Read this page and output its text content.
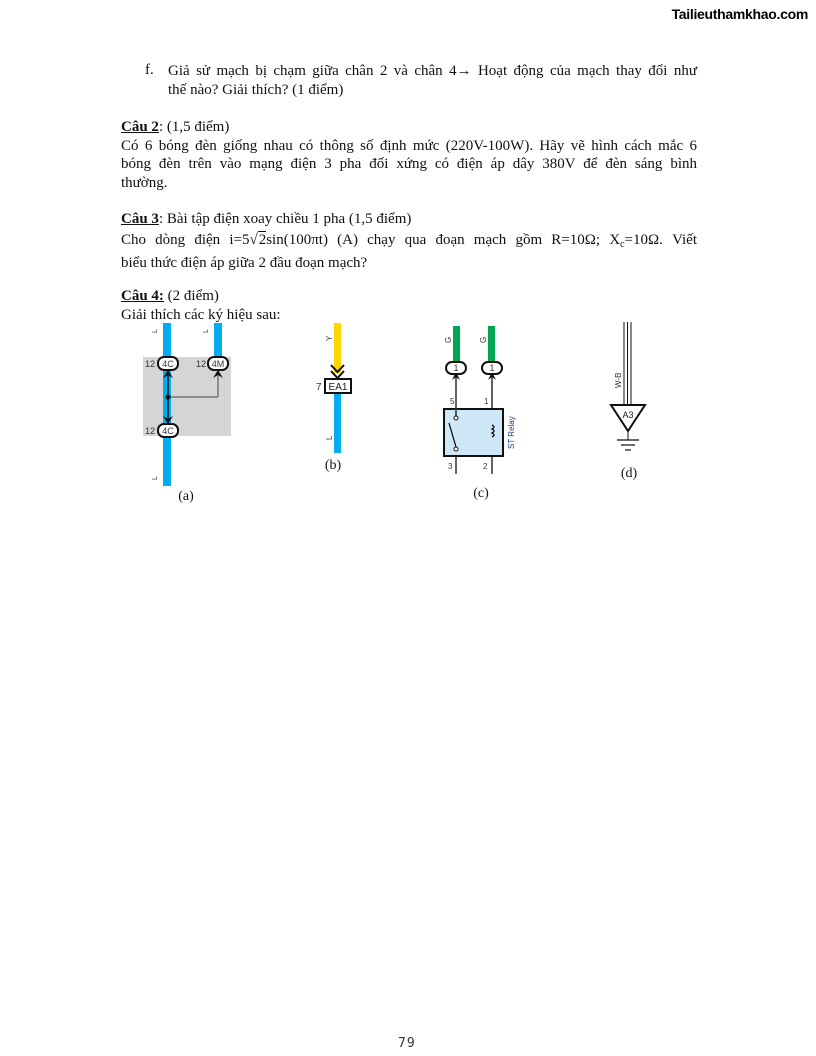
Tailieuthamkhao.com
f. Giả sử mạch bị chạm giữa chân 2 và chân 4→ Hoạt động của mạch thay đổi như
thế nào? Giải thích? (1 điểm)
Câu 2: (1,5 điểm)
Có 6 bóng đèn giống nhau có thông số định mức (220V-100W). Hãy vẽ hình cách mắc 6
bóng đèn trên vào mạng điện 3 pha đối xứng có điện áp dây 380V để đèn sáng bình
thường.
Câu 3: Bài tập điện xoay chiều 1 pha (1,5 điểm)
Cho dòng điện i=5√2sin(100πt) (A) chạy qua đoạn mạch gồm R=10Ω; $X_c=10\Omega$. Viết
biểu thức điện áp giữa 2 đầu đoạn mạch?
Câu 4: (2 điểm)
Giải thích các ký hiệu sau:
4C	4M
4C
12	12
12
L	L
L
(a)
EA1
7
Y
L
(b)
1	1
5	1
3	2
ST Relay
G	G
(c)
A3
W-B
(d)
79
